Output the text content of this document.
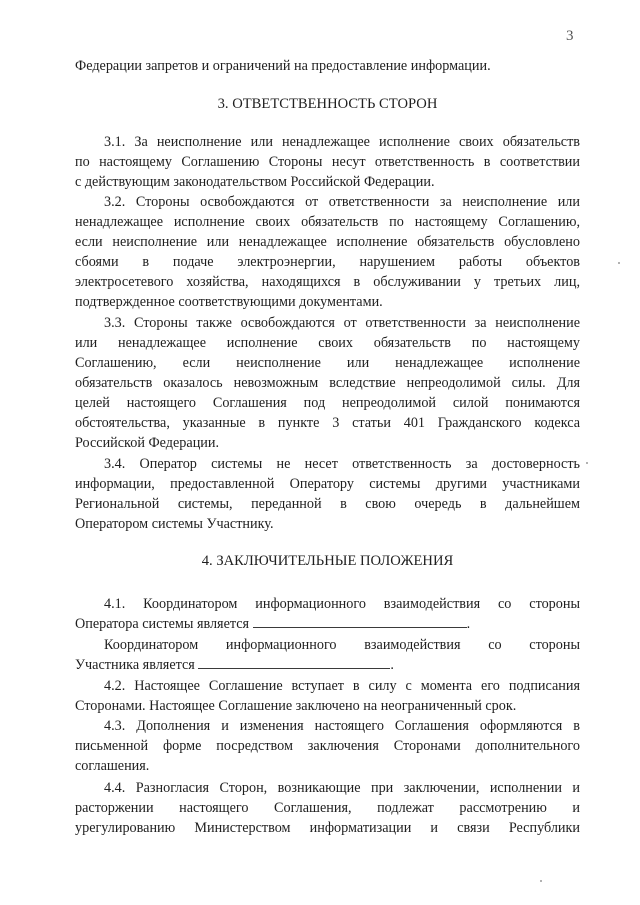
3
Федерации запретов и ограничений на предоставление информации.
3. ОТВЕТСТВЕННОСТЬ СТОРОН
3.1. За неисполнение или ненадлежащее исполнение своих обязательств
по настоящему Соглашению Стороны несут ответственность в соответствии
с действующим законодательством Российской Федерации.
3.2. Стороны освобождаются от ответственности за неисполнение или
ненадлежащее исполнение своих обязательств по настоящему Соглашению,
если неисполнение или ненадлежащее исполнение обязательств обусловлено
сбоями в подаче электроэнергии, нарушением работы объектов
электросетевого хозяйства, находящихся в обслуживании у третьих лиц,
подтвержденное соответствующими документами.
3.3. Стороны также освобождаются от ответственности за неисполнение
или ненадлежащее исполнение своих обязательств по настоящему
Соглашению, если неисполнение или ненадлежащее исполнение
обязательств оказалось невозможным вследствие непреодолимой силы. Для
целей настоящего Соглашения под непреодолимой силой понимаются
обстоятельства, указанные в пункте 3 статьи 401 Гражданского кодекса
Российской Федерации.
3.4. Оператор системы не несет ответственность за достоверность
информации, предоставленной Оператору системы другими участниками
Региональной системы, переданной в свою очередь в дальнейшем
Оператором системы Участнику.
4. ЗАКЛЮЧИТЕЛЬНЫЕ ПОЛОЖЕНИЯ
4.1. Координатором информационного взаимодействия со стороны
Оператора системы является	.
Координатором информационного взаимодействия со стороны
Участника является	.
4.2. Настоящее Соглашение вступает в силу с момента его подписания
Сторонами. Настоящее Соглашение заключено на неограниченный срок.
4.3. Дополнения и изменения настоящего Соглашения оформляются в
письменной форме посредством заключения Сторонами дополнительного
соглашения.
4.4. Разногласия Сторон, возникающие при заключении, исполнении и
расторжении настоящего Соглашения, подлежат рассмотрению и
урегулированию Министерством информатизации и связи Республики
